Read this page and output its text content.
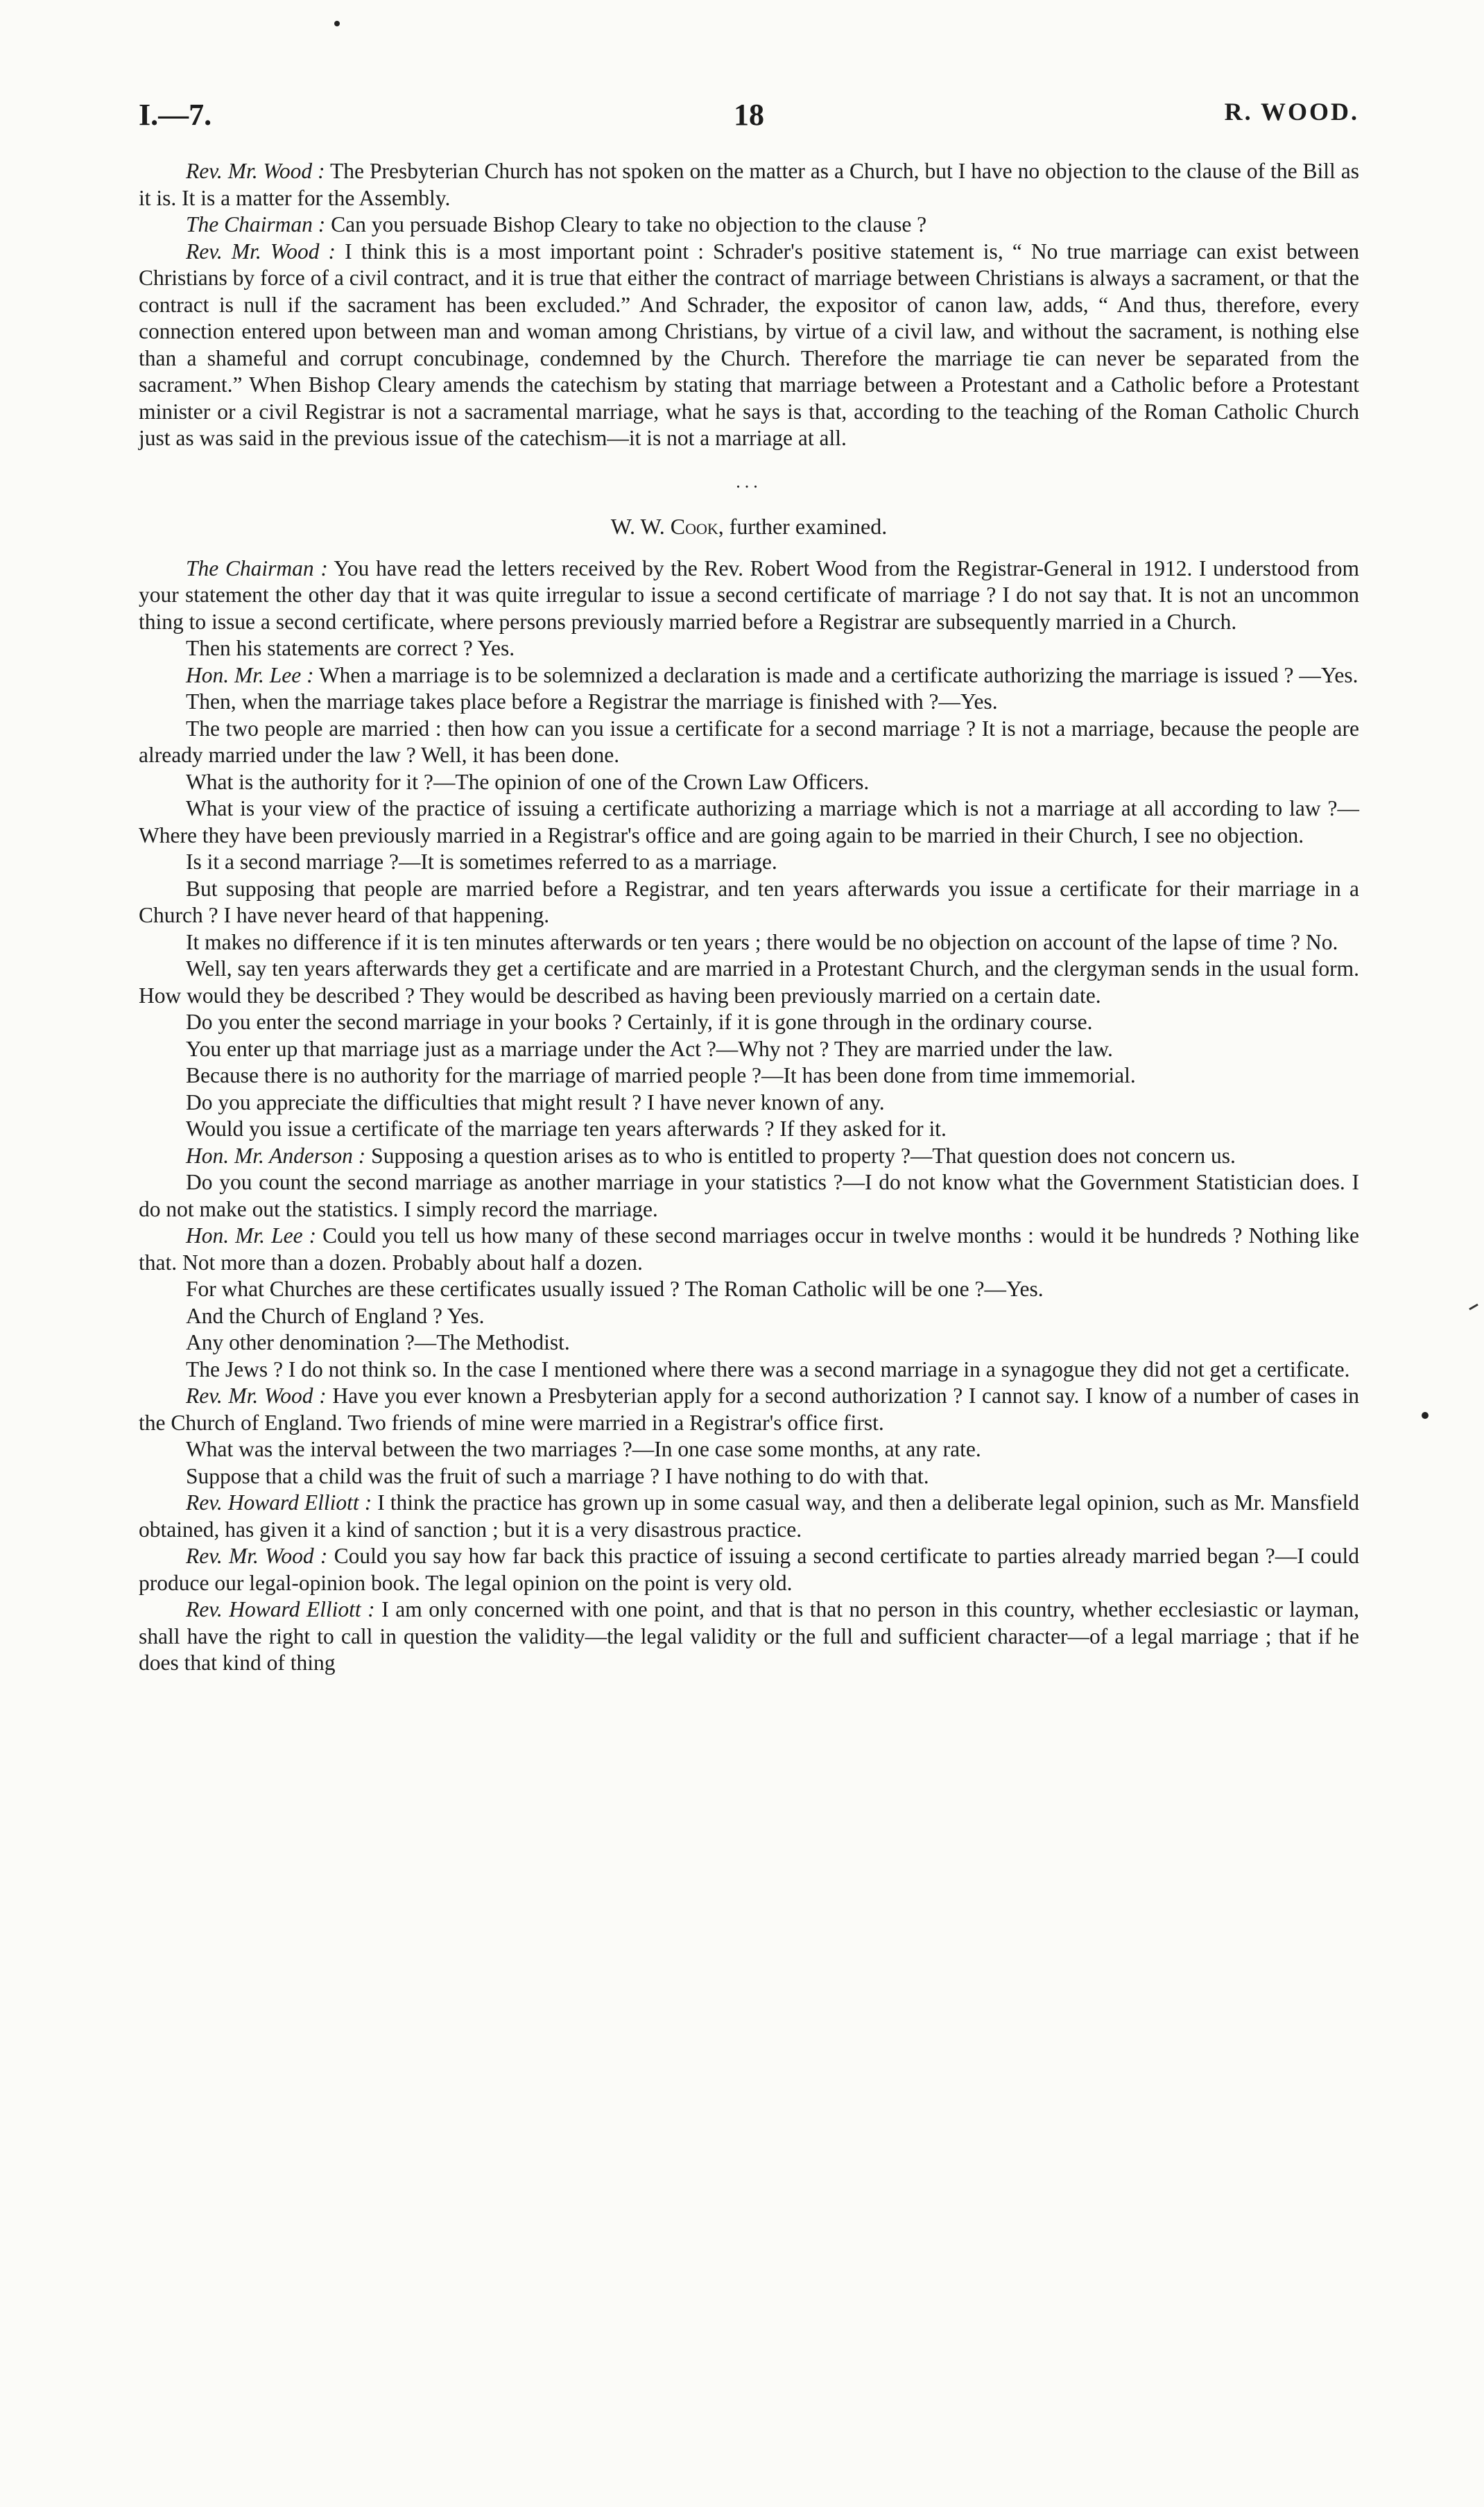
I.—7.	18	R. WOOD.

Rev. Mr. Wood : The Presbyterian Church has not spoken on the matter as a Church, but I have no objection to the clause of the Bill as it is. It is a matter for the Assembly.

The Chairman : Can you persuade Bishop Cleary to take no objection to the clause ?

Rev. Mr. Wood : I think this is a most important point : Schrader's positive statement is, “ No true marriage can exist between Christians by force of a civil contract, and it is true that either the contract of marriage between Christians is always a sacrament, or that the contract is null if the sacrament has been excluded.” And Schrader, the expositor of canon law, adds, “ And thus, therefore, every connection entered upon between man and woman among Christians, by virtue of a civil law, and without the sacrament, is nothing else than a shameful and corrupt concubinage, condemned by the Church. Therefore the marriage tie can never be separated from the sacrament.” When Bishop Cleary amends the catechism by stating that marriage between a Protestant and a Catholic before a Protestant minister or a civil Registrar is not a sacramental marriage, what he says is that, according to the teaching of the Roman Catholic Church just as was said in the previous issue of the catechism—it is not a marriage at all.

...
W. W. Cook, further examined.

The Chairman : You have read the letters received by the Rev. Robert Wood from the Registrar-General in 1912. I understood from your statement the other day that it was quite irregular to issue a second certificate of marriage ? I do not say that. It is not an uncommon thing to issue a second certificate, where persons previously married before a Registrar are subsequently married in a Church.

Then his statements are correct ? Yes.

Hon. Mr. Lee : When a marriage is to be solemnized a declaration is made and a certificate authorizing the marriage is issued ? —Yes.

Then, when the marriage takes place before a Registrar the marriage is finished with ?—Yes.

The two people are married : then how can you issue a certificate for a second marriage ? It is not a marriage, because the people are already married under the law ? Well, it has been done.

What is the authority for it ?—The opinion of one of the Crown Law Officers.

What is your view of the practice of issuing a certificate authorizing a marriage which is not a marriage at all according to law ?—Where they have been previously married in a Registrar's office and are going again to be married in their Church, I see no objection.

Is it a second marriage ?—It is sometimes referred to as a marriage.

But supposing that people are married before a Registrar, and ten years afterwards you issue a certificate for their marriage in a Church ? I have never heard of that happening.

It makes no difference if it is ten minutes afterwards or ten years ; there would be no objection on account of the lapse of time ? No.

Well, say ten years afterwards they get a certificate and are married in a Protestant Church, and the clergyman sends in the usual form. How would they be described ? They would be described as having been previously married on a certain date.

Do you enter the second marriage in your books ? Certainly, if it is gone through in the ordinary course.

You enter up that marriage just as a marriage under the Act ?—Why not ? They are married under the law.

Because there is no authority for the marriage of married people ?—It has been done from time immemorial.

Do you appreciate the difficulties that might result ? I have never known of any.

Would you issue a certificate of the marriage ten years afterwards ? If they asked for it.

Hon. Mr. Anderson : Supposing a question arises as to who is entitled to property ?—That question does not concern us.

Do you count the second marriage as another marriage in your statistics ?—I do not know what the Government Statistician does. I do not make out the statistics. I simply record the marriage.

Hon. Mr. Lee : Could you tell us how many of these second marriages occur in twelve months : would it be hundreds ? Nothing like that. Not more than a dozen. Probably about half a dozen.

For what Churches are these certificates usually issued ? The Roman Catholic will be one ?—Yes.

And the Church of England ? Yes.

Any other denomination ?—The Methodist.

The Jews ? I do not think so. In the case I mentioned where there was a second marriage in a synagogue they did not get a certificate.

Rev. Mr. Wood : Have you ever known a Presbyterian apply for a second authorization ? I cannot say. I know of a number of cases in the Church of England. Two friends of mine were married in a Registrar's office first.

What was the interval between the two marriages ?—In one case some months, at any rate.

Suppose that a child was the fruit of such a marriage ? I have nothing to do with that.

Rev. Howard Elliott : I think the practice has grown up in some casual way, and then a deliberate legal opinion, such as Mr. Mansfield obtained, has given it a kind of sanction ; but it is a very disastrous practice.

Rev. Mr. Wood : Could you say how far back this practice of issuing a second certificate to parties already married began ?—I could produce our legal-opinion book. The legal opinion on the point is very old.

Rev. Howard Elliott : I am only concerned with one point, and that is that no person in this country, whether ecclesiastic or layman, shall have the right to call in question the validity—the legal validity or the full and sufficient character—of a legal marriage ; that if he does that kind of thing
